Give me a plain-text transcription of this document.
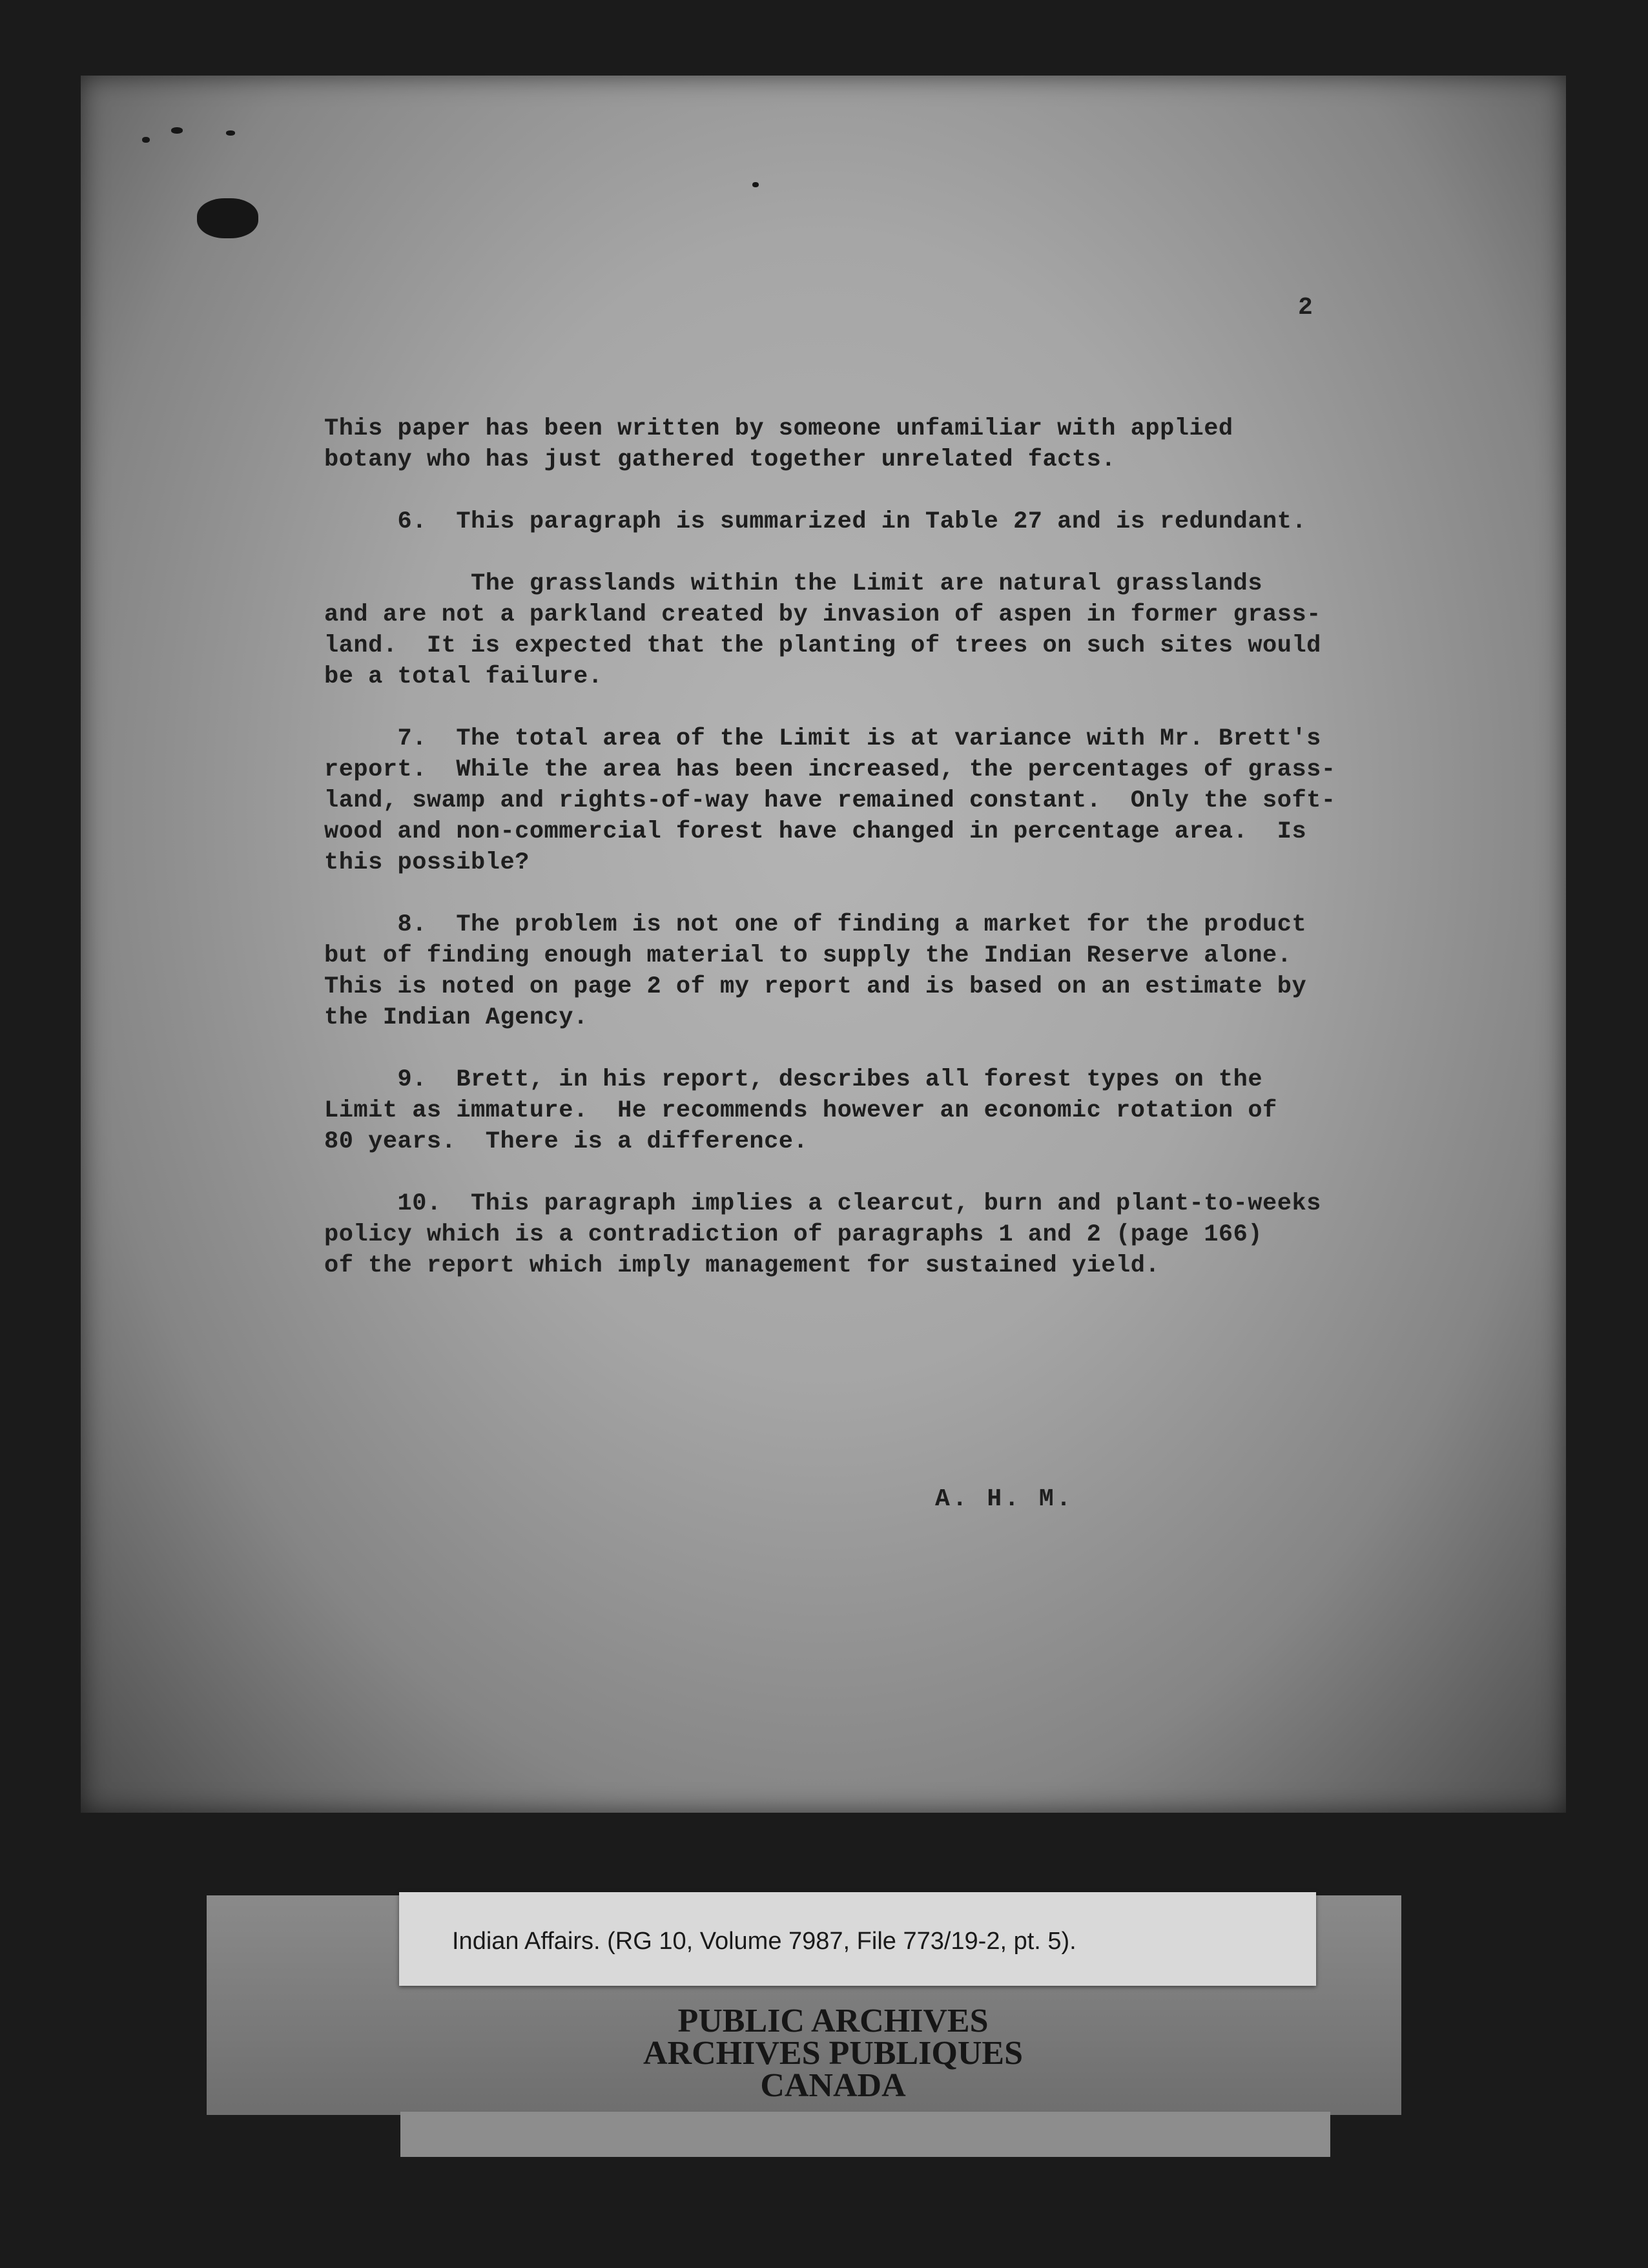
2

This paper has been written by someone unfamiliar with applied
botany who has just gathered together unrelated facts.

6.  This paragraph is summarized in Table 27 and is redundant.

The grasslands within the Limit are natural grasslands
and are not a parkland created by invasion of aspen in former grass-
land.  It is expected that the planting of trees on such sites would
be a total failure.

7.  The total area of the Limit is at variance with Mr. Brett's
report.  While the area has been increased, the percentages of grass-
land, swamp and rights-of-way have remained constant.  Only the soft-
wood and non-commercial forest have changed in percentage area.  Is
this possible?

8.  The problem is not one of finding a market for the product
but of finding enough material to supply the Indian Reserve alone.
This is noted on page 2 of my report and is based on an estimate by
the Indian Agency.

9.  Brett, in his report, describes all forest types on the
Limit as immature.  He recommends however an economic rotation of
80 years.  There is a difference.

10.  This paragraph implies a clearcut, burn and plant-to-weeks
policy which is a contradiction of paragraphs 1 and 2 (page 166)
of the report which imply management for sustained yield.

A. H. M.
Indian Affairs. (RG 10, Volume 7987, File 773/19-2, pt. 5).
PUBLIC ARCHIVES
ARCHIVES PUBLIQUES
CANADA
